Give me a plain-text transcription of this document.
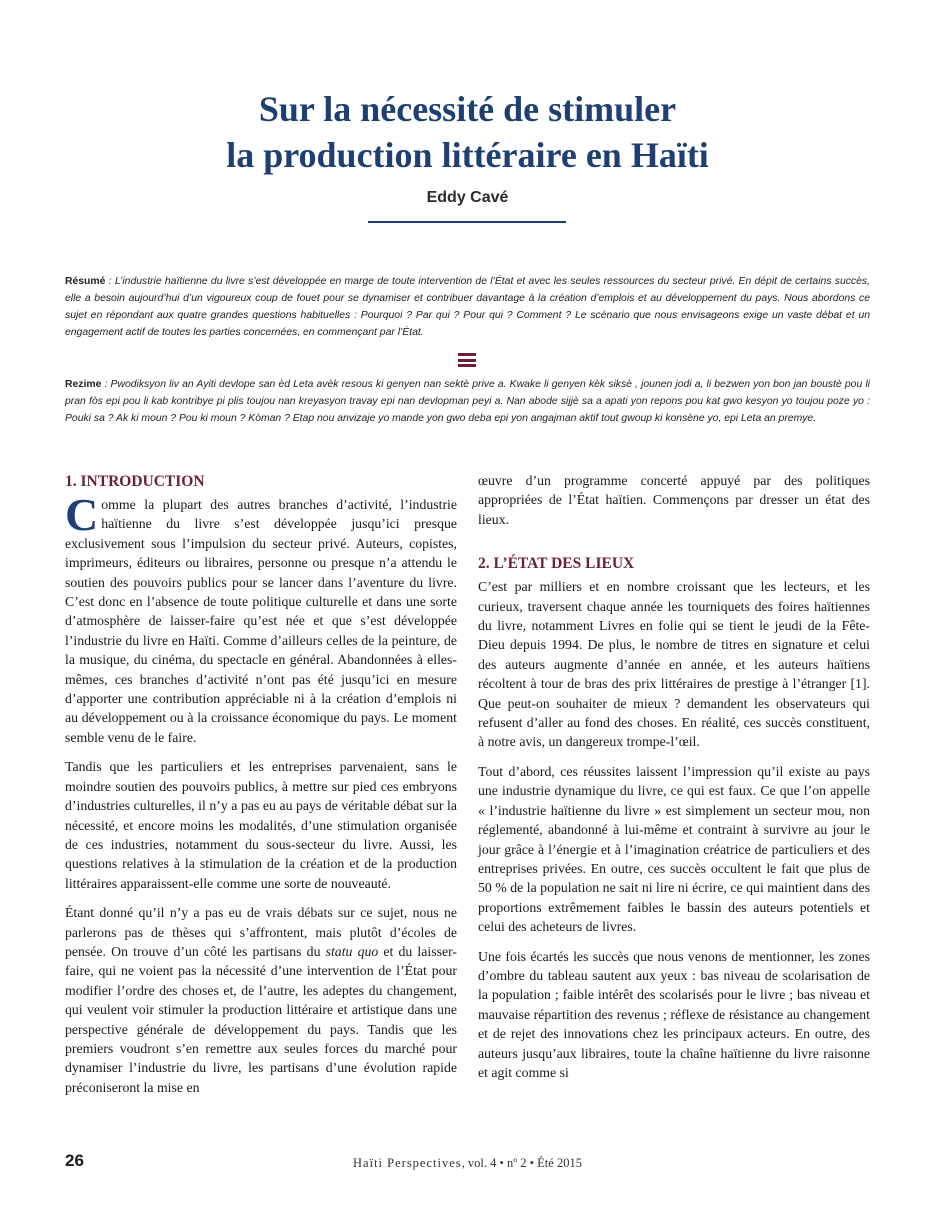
Sur la nécessité de stimuler
la production littéraire en Haïti
Eddy Cavé

Résumé : L’industrie haïtienne du livre s’est développée en marge de toute intervention de l’État et avec les seules ressources du secteur privé. En dépit de certains succès, elle a besoin aujourd’hui d’un vigoureux coup de fouet pour se dynamiser et contribuer davantage à la création d’emplois et au développement du pays. Nous abordons ce sujet en répondant aux quatre grandes questions habituelles : Pourquoi ? Par qui ? Pour qui ? Comment ? Le scénario que nous envisageons exige un vaste débat et un engagement actif de toutes les parties concernées, en commençant par l’État.

Rezime : Pwodiksyon liv an Ayiti devlope san èd Leta avèk resous ki genyen nan sektè prive a. Kwake li genyen kèk siksè , jounen jodi a, li bezwen yon bon jan boustè pou li pran fòs epi pou li kab kontribye pi plis toujou nan kreyasyon travay epi nan devlopman peyi a. Nan abode sijjè sa a apati yon repons pou kat gwo kesyon yo toujou poze yo : Pouki sa ? Ak ki moun ? Pou ki moun ? Kòman ? Etap nou anvizaje yo mande yon gwo deba epi yon angajman aktif tout gwoup ki konsène yo, epi Leta an premye.

1. INTRODUCTION

Comme la plupart des autres branches d’activité, l’industrie haïtienne du livre s’est développée jusqu’ici presque exclusivement sous l’impulsion du secteur privé. Auteurs, copistes, imprimeurs, éditeurs ou libraires, personne ou presque n’a attendu le soutien des pouvoirs publics pour se lancer dans l’aventure du livre. C’est donc en l’absence de toute politique culturelle et dans une sorte d’atmosphère de laisser-faire qu’est née et que s’est développée l’industrie du livre en Haïti. Comme d’ailleurs celles de la peinture, de la musique, du cinéma, du spectacle en général. Abandonnées à elles-mêmes, ces branches d’activité n’ont pas été jusqu’ici en mesure d’apporter une contribution appréciable ni à la création d’emplois ni au développement ou à la croissance économique du pays. Le moment semble venu de le faire.

Tandis que les particuliers et les entreprises parvenaient, sans le moindre soutien des pouvoirs publics, à mettre sur pied ces embryons d’industries culturelles, il n’y a pas eu au pays de véritable débat sur la nécessité, et encore moins les modalités, d’une stimulation organisée de ces industries, notamment du sous-secteur du livre. Aussi, les questions relatives à la stimulation de la création et de la production littéraires apparaissent-elle comme une sorte de nouveauté.

Étant donné qu’il n’y a pas eu de vrais débats sur ce sujet, nous ne parlerons pas de thèses qui s’affrontent, mais plutôt d’écoles de pensée. On trouve d’un côté les partisans du statu quo et du laisser-faire, qui ne voient pas la nécessité d’une intervention de l’État pour modifier l’ordre des choses et, de l’autre, les adeptes du changement, qui veulent voir stimuler la production littéraire et artistique dans une perspective générale de développement du pays. Tandis que les premiers voudront s’en remettre aux seules forces du marché pour dynamiser l’industrie du livre, les partisans d’une évolution rapide préconiseront la mise en

œuvre d’un programme concerté appuyé par des politiques appropriées de l’État haïtien. Commençons par dresser un état des lieux.

2. L’ÉTAT DES LIEUX

C’est par milliers et en nombre croissant que les lecteurs, et les curieux, traversent chaque année les tourniquets des foires haïtiennes du livre, notamment Livres en folie qui se tient le jeudi de la Fête-Dieu depuis 1994. De plus, le nombre de titres en signature et celui des auteurs augmente d’année en année, et les auteurs haïtiens récoltent à tour de bras des prix littéraires de prestige à l’étranger [1]. Que peut-on souhaiter de mieux ? demandent les observateurs qui refusent d’aller au fond des choses. En réalité, ces succès constituent, à notre avis, un dangereux trompe-l’œil.

Tout d’abord, ces réussites laissent l’impression qu’il existe au pays une industrie dynamique du livre, ce qui est faux. Ce que l’on appelle « l’industrie haïtienne du livre » est simplement un secteur mou, non réglementé, abandonné à lui-même et contraint à survivre au jour le jour grâce à l’énergie et à l’imagination créatrice de particuliers et des entreprises privées. En outre, ces succès occultent le fait que plus de 50 % de la population ne sait ni lire ni écrire, ce qui maintient dans des proportions extrêmement faibles le bassin des auteurs potentiels et celui des acheteurs de livres.

Une fois écartés les succès que nous venons de mentionner, les zones d’ombre du tableau sautent aux yeux : bas niveau de scolarisation de la population ; faible intérêt des scolarisés pour le livre ; bas niveau et mauvaise répartition des revenus ; réflexe de résistance au changement et de rejet des innovations chez les principaux acteurs. En outre, des auteurs jusqu’aux libraires, toute la chaîne haïtienne du livre raisonne et agit comme si

26	Haïti Perspectives, vol. 4 • nº 2 • Été 2015
